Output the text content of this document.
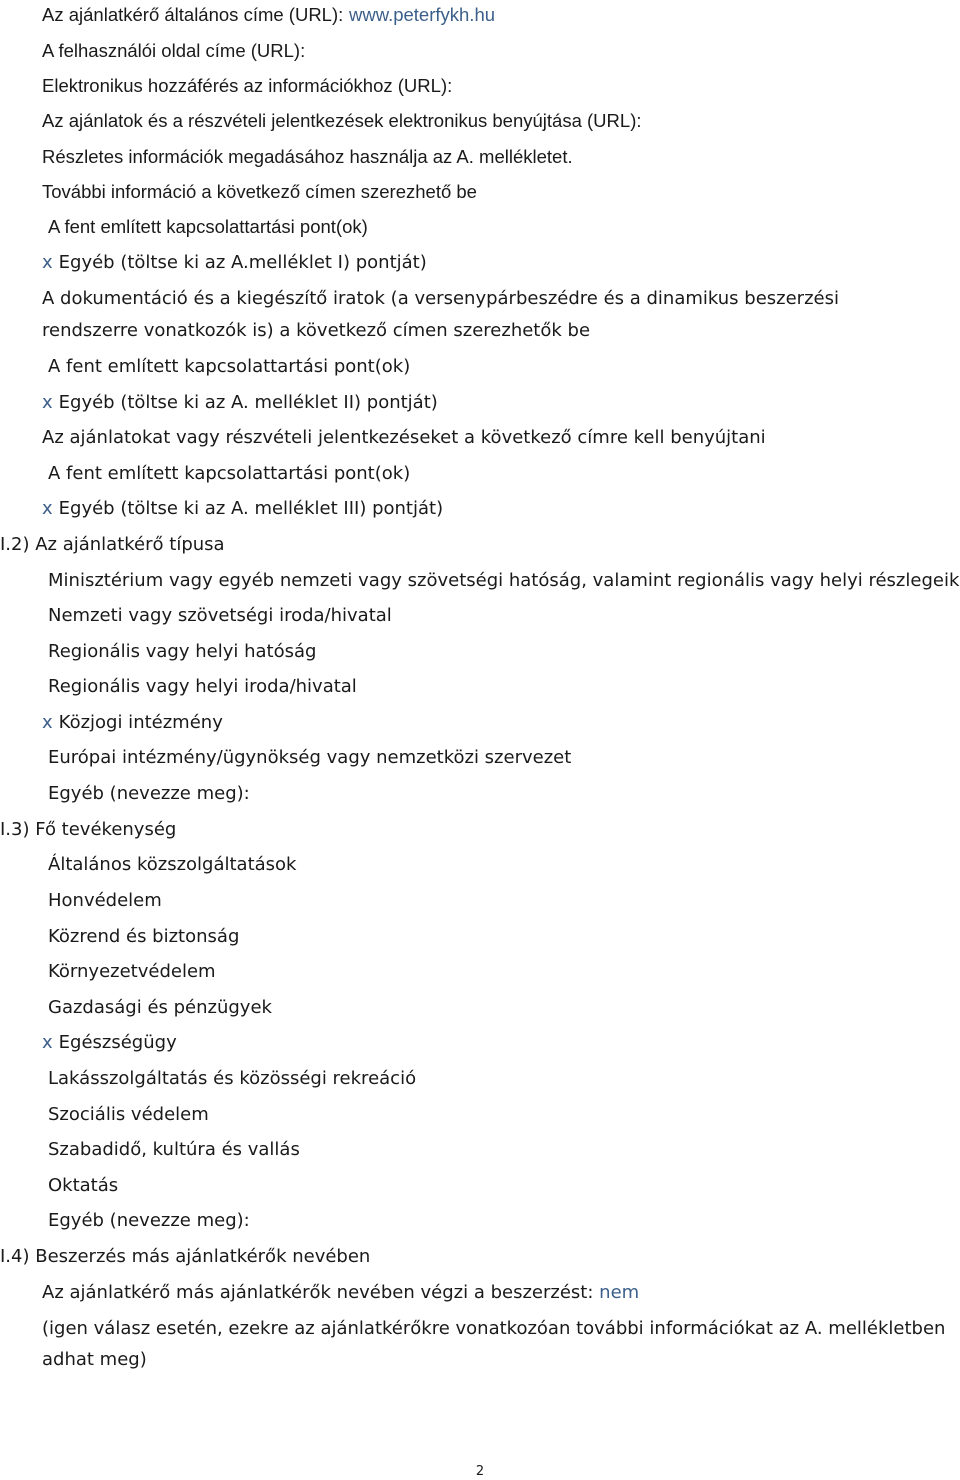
Az ajánlatkérő általános címe (URL): www.peterfykh.hu
A felhasználói oldal címe (URL):
Elektronikus hozzáférés az információkhoz (URL):
Az ajánlatok és a részvételi jelentkezések elektronikus benyújtása (URL):
Részletes információk megadásához használja az A. mellékletet.
További információ a következő címen szerezhető be
A fent említett kapcsolattartási pont(ok)
x Egyéb (töltse ki az A.melléklet I) pontját)
A dokumentáció és a kiegészítő iratok (a versenypárbeszédre és a dinamikus beszerzési
rendszerre vonatkozók is) a következő címen szerezhetők be
A fent említett kapcsolattartási pont(ok)
x Egyéb (töltse ki az A. melléklet II) pontját)
Az ajánlatokat vagy részvételi jelentkezéseket a következő címre kell benyújtani
A fent említett kapcsolattartási pont(ok)
x Egyéb (töltse ki az A. melléklet III) pontját)
I.2) Az ajánlatkérő típusa
Minisztérium vagy egyéb nemzeti vagy szövetségi hatóság, valamint regionális vagy helyi részlegeik
Nemzeti vagy szövetségi iroda/hivatal
Regionális vagy helyi hatóság
Regionális vagy helyi iroda/hivatal
x Közjogi intézmény
Európai intézmény/ügynökség vagy nemzetközi szervezet
Egyéb (nevezze meg):
I.3) Fő tevékenység
Általános közszolgáltatások
Honvédelem
Közrend és biztonság
Környezetvédelem
Gazdasági és pénzügyek
x Egészségügy
Lakásszolgáltatás és közösségi rekreáció
Szociális védelem
Szabadidő, kultúra és vallás
Oktatás
Egyéb (nevezze meg):
I.4) Beszerzés más ajánlatkérők nevében
Az ajánlatkérő más ajánlatkérők nevében végzi a beszerzést: nem
(igen válasz esetén, ezekre az ajánlatkérőkre vonatkozóan további információkat az A. mellékletben
adhat meg)
2
